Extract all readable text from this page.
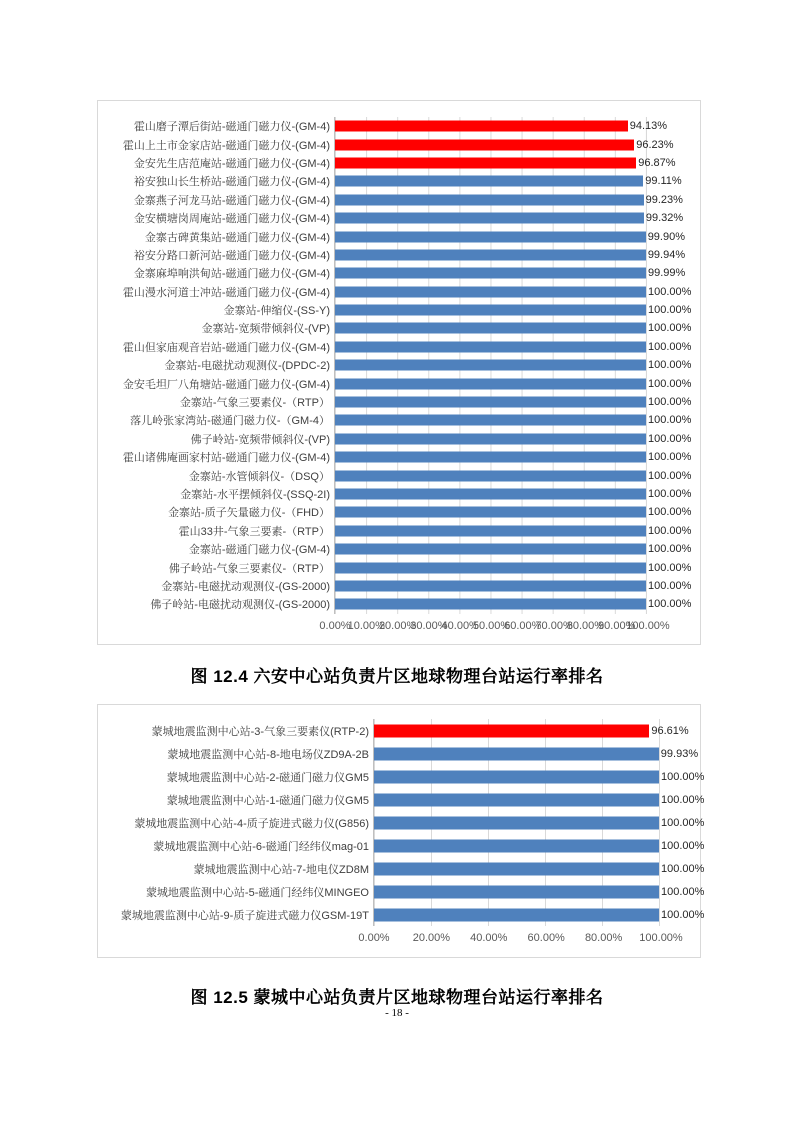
霍山磨子潭后街站-磁通门磁力仪-(GM-4)	94.13%
霍山上土市金家店站-磁通门磁力仪-(GM-4)	96.23%
金安先生店范庵站-磁通门磁力仪-(GM-4)	96.87%
裕安独山长生桥站-磁通门磁力仪-(GM-4)	99.11%
金寨燕子河龙马站-磁通门磁力仪-(GM-4)	99.23%
金安横塘岗周庵站-磁通门磁力仪-(GM-4)	99.32%
金寨古碑黄集站-磁通门磁力仪-(GM-4)	99.90%
裕安分路口新河站-磁通门磁力仪-(GM-4)	99.94%
金寨麻埠响洪甸站-磁通门磁力仪-(GM-4)	99.99%
霍山漫水河道士冲站-磁通门磁力仪-(GM-4)	100.00%
金寨站-伸缩仪-(SS-Y)	100.00%
金寨站-宽频带倾斜仪-(VP)	100.00%
霍山但家庙观音岩站-磁通门磁力仪-(GM-4)	100.00%
金寨站-电磁扰动观测仪-(DPDC-2)	100.00%
金安毛坦厂八角塘站-磁通门磁力仪-(GM-4)	100.00%
金寨站-气象三要素仪-（RTP）	100.00%
落儿岭张家湾站-磁通门磁力仪-（GM-4）	100.00%
佛子岭站-宽频带倾斜仪-(VP)	100.00%
霍山诸佛庵画家村站-磁通门磁力仪-(GM-4)	100.00%
金寨站-水管倾斜仪-（DSQ）	100.00%
金寨站-水平摆倾斜仪-(SSQ-2I)	100.00%
金寨站-质子矢量磁力仪-（FHD）	100.00%
霍山33井-气象三要素-（RTP）	100.00%
金寨站-磁通门磁力仪-(GM-4)	100.00%
佛子岭站-气象三要素仪-（RTP）	100.00%
金寨站-电磁扰动观测仪-(GS-2000)	100.00%
佛子岭站-电磁扰动观测仪-(GS-2000)	100.00%
0.00%
10.00%
20.00%
30.00%
40.00%
50.00%
60.00%
70.00%
80.00%
90.00%
100.00%
图 12.4 六安中心站负责片区地球物理台站运行率排名
蒙城地震监测中心站-3-气象三要素仪(RTP-2)	96.61%
蒙城地震监测中心站-8-地电场仪ZD9A-2B	99.93%
蒙城地震监测中心站-2-磁通门磁力仪GM5	100.00%
蒙城地震监测中心站-1-磁通门磁力仪GM5	100.00%
蒙城地震监测中心站-4-质子旋进式磁力仪(G856)	100.00%
蒙城地震监测中心站-6-磁通门经纬仪mag-01	100.00%
蒙城地震监测中心站-7-地电仪ZD8M	100.00%
蒙城地震监测中心站-5-磁通门经纬仪MINGEO	100.00%
蒙城地震监测中心站-9-质子旋进式磁力仪GSM-19T	100.00%
0.00% 20.00% 40.00% 60.00% 80.00% 100.00%
图 12.5 蒙城中心站负责片区地球物理台站运行率排名
- 18 -
